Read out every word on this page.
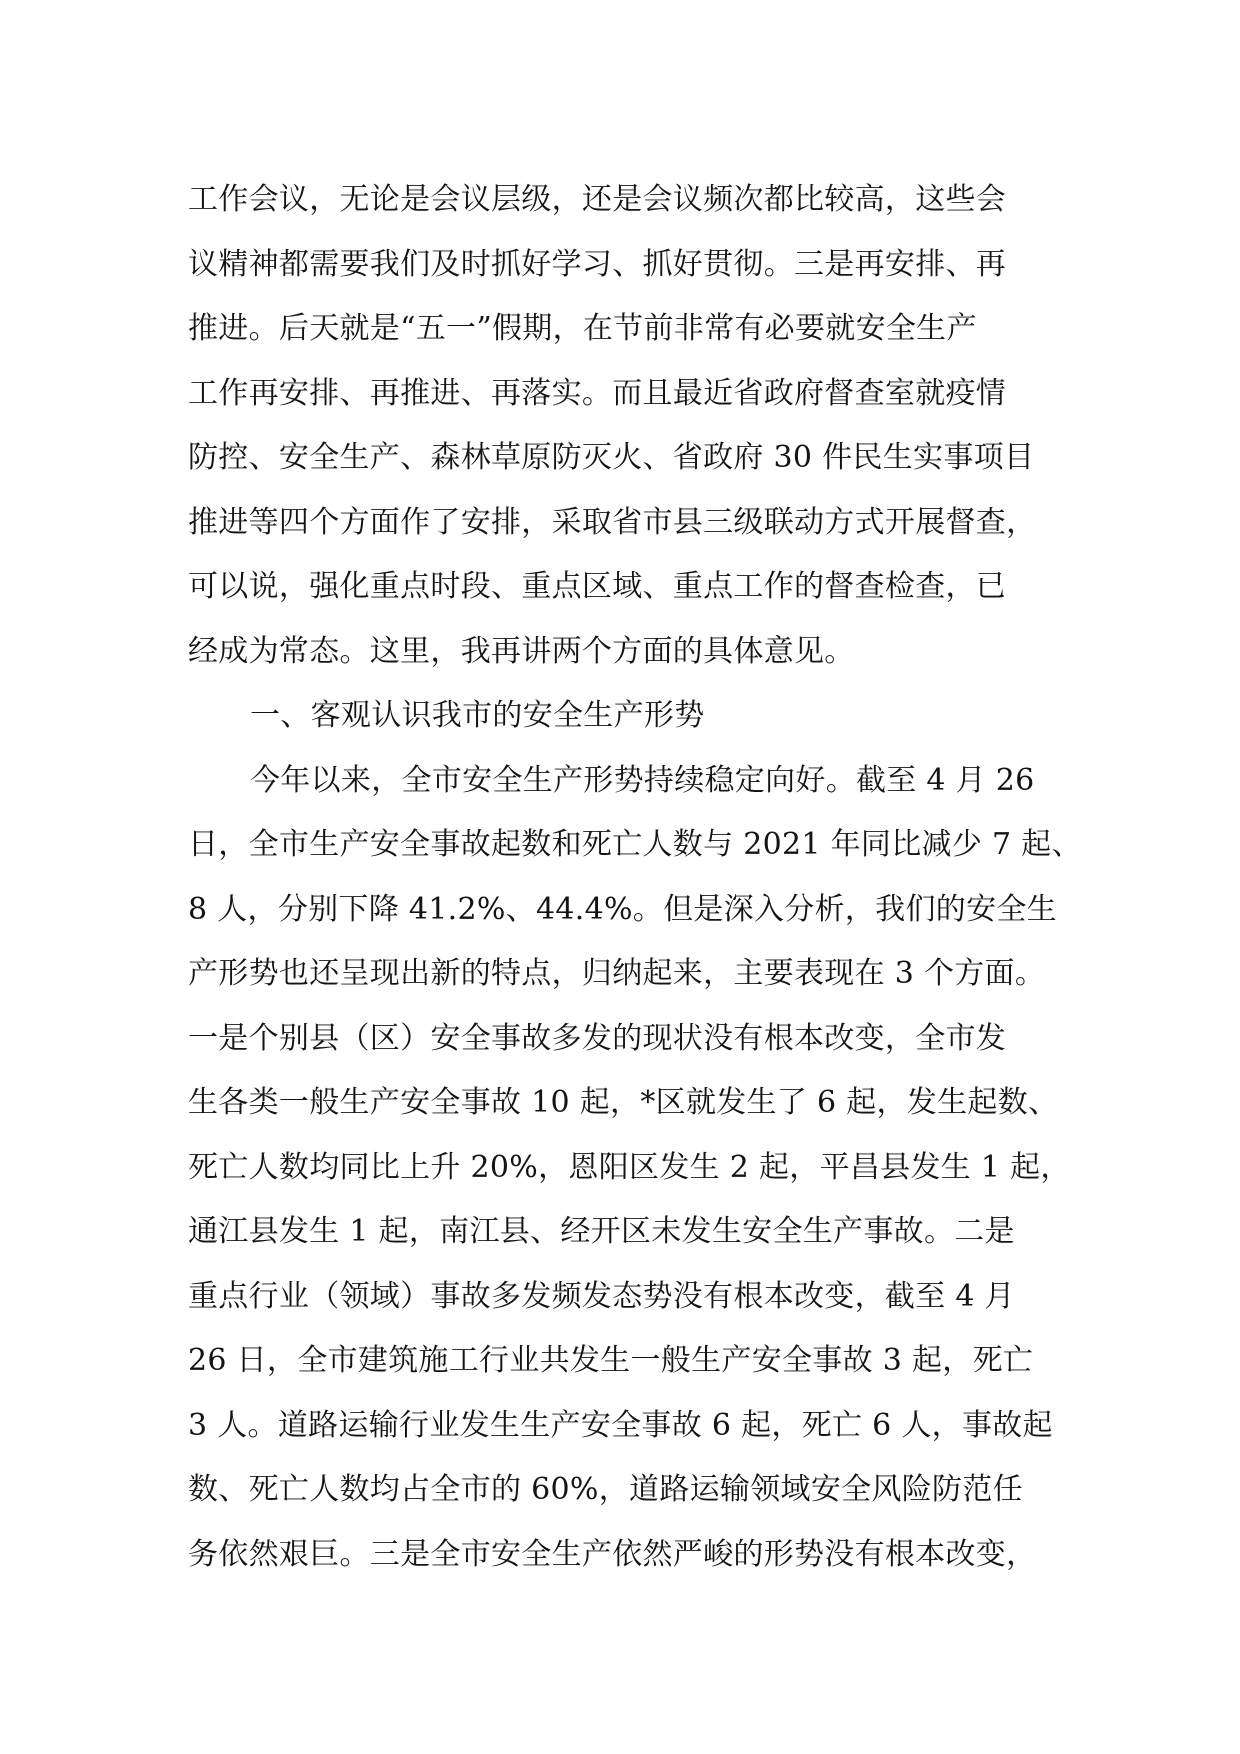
工作会议，无论是会议层级，还是会议频次都比较高，这些会
议精神都需要我们及时抓好学习、抓好贯彻。三是再安排、再
推进。后天就是“五一”假期，在节前非常有必要就安全生产
工作再安排、再推进、再落实。而且最近省政府督查室就疫情
防控、安全生产、森林草原防灭火、省政府 30 件民生实事项目
推进等四个方面作了安排，采取省市县三级联动方式开展督查，
可以说，强化重点时段、重点区域、重点工作的督查检查，已
经成为常态。这里，我再讲两个方面的具体意见。
一、客观认识我市的安全生产形势
今年以来，全市安全生产形势持续稳定向好。截至 4 月 26
日，全市生产安全事故起数和死亡人数与 2021 年同比减少 7 起、
8 人，分别下降 41.2%、44.4%。但是深入分析，我们的安全生
产形势也还呈现出新的特点，归纳起来，主要表现在 3 个方面。
一是个别县（区）安全事故多发的现状没有根本改变，全市发
生各类一般生产安全事故 10 起，*区就发生了 6 起，发生起数、
死亡人数均同比上升 20%，恩阳区发生 2 起，平昌县发生 1 起，
通江县发生 1 起，南江县、经开区未发生安全生产事故。二是
重点行业（领域）事故多发频发态势没有根本改变，截至 4 月
26 日，全市建筑施工行业共发生一般生产安全事故 3 起，死亡
3 人。道路运输行业发生生产安全事故 6 起，死亡 6 人，事故起
数、死亡人数均占全市的 60%，道路运输领域安全风险防范任
务依然艰巨。三是全市安全生产依然严峻的形势没有根本改变，
